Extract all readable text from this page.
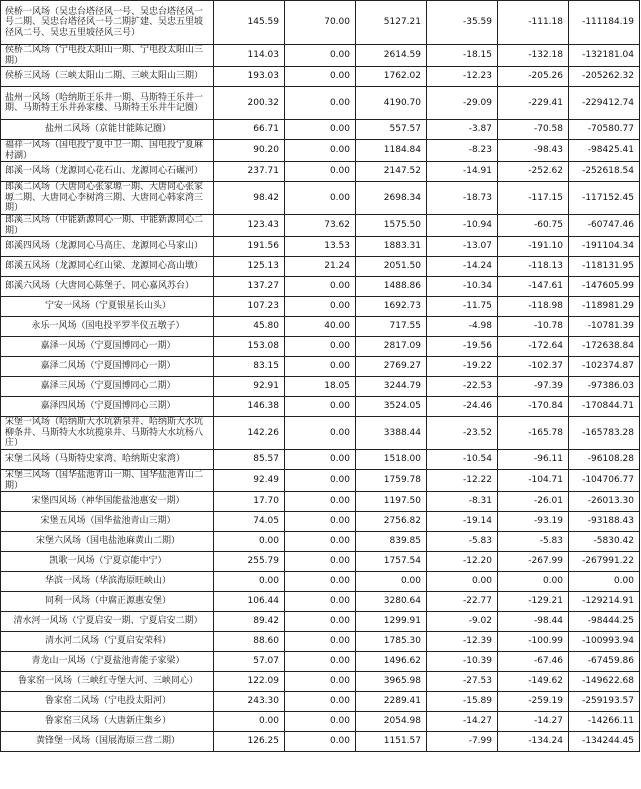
侯桥一风场（吴忠台塔径风一号、吴忠台塔径风一号二期、吴忠台塔径风一号二期扩建、吴忠五里坡径风二号、吴忠五里坡径风三号）	145.59	70.00	5127.21	-35.59	-111.18	-111184.19
侯桥二风场（宁电投太阳山一期、宁电投太阳山三期）	114.03	0.00	2614.59	-18.15	-132.18	-132181.04
侯桥三风场（三峡太阳山二期、三峡太阳山三期）	193.03	0.00	1762.02	-12.23	-205.26	-205262.32
盐州一风场（哈纳斯王乐井一期、马斯特王乐井一期、马斯特王乐井孙家楼、马斯特王乐井牛记圈）	200.32	0.00	4190.70	-29.09	-229.41	-229412.74
盐州二风场（京能甘能陈记圈）	66.71	0.00	557.57	-3.87	-70.58	-70580.77
福祥一风场（国电投宁夏中卫一期、国电投宁夏麻村湖）	90.20	0.00	1184.84	-8.23	-98.43	-98425.41
郎溪一风场（龙源同心花石山、龙源同心石碾河）	237.71	0.00	2147.52	-14.91	-252.62	-252618.54
郎溪二风场（大唐同心张家塬一期、大唐同心张家塬二期、大唐同心李树湾三期、大唐同心韩家湾三期）	98.42	0.00	2698.34	-18.73	-117.15	-117152.45
郎溪三风场（中能新源同心一期、中能新源同心二期）	123.43	73.62	1575.50	-10.94	-60.75	-60747.46
郎溪四风场（龙源同心马高庄、龙源同心马家山）	191.56	13.53	1883.31	-13.07	-191.10	-191104.34
郎溪五风场（龙源同心红山梁、龙源同心高山墩）	125.13	21.24	2051.50	-14.24	-118.13	-118131.95
郎溪六风场（大唐同心陈堡子、同心嘉风苏台）	137.27	0.00	1488.86	-10.34	-147.61	-147605.99
宁安一风场（宁夏银星长山头）	107.23	0.00	1692.73	-11.75	-118.98	-118981.29
永乐一风场（国电投平罗半仪五墩子）	45.80	40.00	717.55	-4.98	-10.78	-10781.39
嘉泽一风场（宁夏国博同心一期）	153.08	0.00	2817.09	-19.56	-172.64	-172638.84
嘉泽二风场（宁夏国博同心一期）	83.15	0.00	2769.27	-19.22	-102.37	-102374.87
嘉泽三风场（宁夏国博同心二期）	92.91	18.05	3244.79	-22.53	-97.39	-97386.03
嘉泽四风场（宁夏国博同心三期）	146.38	0.00	3524.05	-24.46	-170.84	-170844.71
宋堡一风场（哈纳斯大水坑新泉井、哈纳斯大水坑柳条井、马斯特大水坑揽泉井、马斯特大水坑杨八庄）	142.26	0.00	3388.44	-23.52	-165.78	-165783.28
宋堡二风场（马斯特史家湾、哈纳斯史家湾）	85.57	0.00	1518.00	-10.54	-96.11	-96108.28
宋堡三风场（国华盐池青山一期、国华盐池青山二期）	92.49	0.00	1759.78	-12.22	-104.71	-104706.77
宋堡四风场（神华国能盐池惠安一期）	17.70	0.00	1197.50	-8.31	-26.01	-26013.30
宋堡五风场（国华盐池青山三期）	74.05	0.00	2756.82	-19.14	-93.19	-93188.43
宋堡六风场（国电盐池麻黄山二期）	0.00	0.00	839.85	-5.83	-5.83	-5830.42
凯歌一风场（宁夏京能中宁）	255.79	0.00	1757.54	-12.20	-267.99	-267991.22
华滨一风场（华滨海原旺峡山）	0.00	0.00	0.00	0.00	0.00	0.00
同利一风场（中腐正源惠安堡）	106.44	0.00	3280.64	-22.77	-129.21	-129214.91
清水河一风场（宁夏启安一期、宁夏启安二期）	89.42	0.00	1299.91	-9.02	-98.44	-98444.25
清水河二风场（宁夏启安荣科）	88.60	0.00	1785.30	-12.39	-100.99	-100993.94
青龙山一风场（宁夏盐池青能子家梁）	57.07	0.00	1496.62	-10.39	-67.46	-67459.86
鲁家窑一风场（三峡红寺堡大河、三峡同心）	122.09	0.00	3965.98	-27.53	-149.62	-149622.68
鲁家窑二风场（宁电投太阳河）	243.30	0.00	2289.41	-15.89	-259.19	-259193.57
鲁家窑三风场（大唐新庄集乡）	0.00	0.00	2054.98	-14.27	-14.27	-14266.11
黄锋堡一风场（国展海原三营二期）	126.25	0.00	1151.57	-7.99	-134.24	-134244.45
